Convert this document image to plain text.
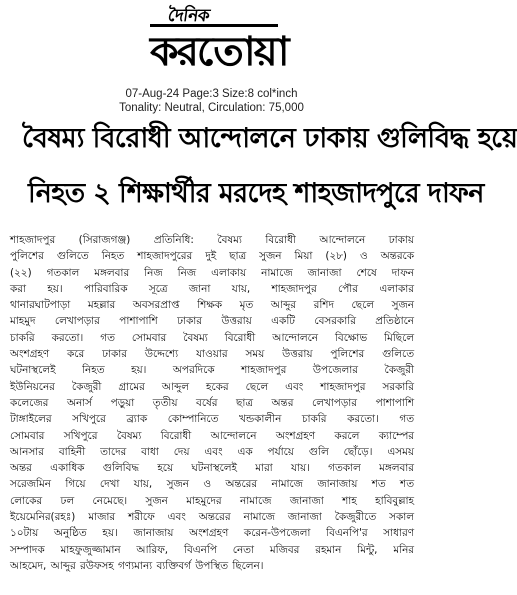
দৈনিক
করতোয়া
07-Aug-24 Page:3 Size:8 col*inch
Tonality: Neutral, Circulation: 75,000
বৈষম্য বিরোধী আন্দোলনে ঢাকায় গুলিবিদ্ধ হয়ে
নিহত ২ শিক্ষার্থীর মরদেহ শাহজাদপুরে দাফন
শাহজাদপুর (সিরাজগঞ্জ) প্রতিনিধি: বৈষম্য বিরোধী আন্দোলনে ঢাকায়
পুলিশের গুলিতে নিহত শাহজাদপুরের দুই ছাত্র সুজন মিয়া (২৮) ও অন্তরকে
(২২) গতকাল মঙ্গলবার নিজ নিজ এলাকায় নামাজে জানাজা শেষে দাফন
করা হয়। পারিবারিক সূত্রে জানা যায়, শাহজাদপুর পৌর এলাকার
থানারঘাটপাড়া মহল্লার অবসরপ্রাপ্ত শিক্ষক মৃত আব্দুর রশিদ ছেলে সুজন
মাহমুদ লেখাপড়ার পাশাপাশি ঢাকার উত্তরায় একটি বেসরকারি প্রতিষ্ঠানে
চাকরি করতো। গত সোমবার বৈষম্য বিরোধী আন্দোলনে বিক্ষোভ মিছিলে
অংশগ্রহণ করে ঢাকার উদ্দেশ্যে যাওয়ার সময় উত্তরায় পুলিশের গুলিতে
ঘটনাস্থলেই নিহত হয়। অপরদিকে শাহজাদপুর উপজেলার কৈজুরী
ইউনিয়নের কৈজুরী গ্রামের আব্দুল হকের ছেলে এবং শাহজাদপুর সরকারি
কলেজের অনার্স পড়ুয়া তৃতীয় বর্ষের ছাত্র অন্তর লেখাপড়ার পাশাপাশি
টাঙ্গাইলের সখিপুরে ব্র্যাক কোম্পানিতে খন্ডকালীন চাকরি করতো। গত
সোমবার সখিপুরে বৈষম্য বিরোধী আন্দোলনে অংশগ্রহণ করলে ক্যাম্পের
আনসার বাহিনী তাদের বাধা দেয় এবং এক পর্যায়ে গুলি ছোঁড়ে। এসময়
অন্তর একাধিক গুলিবিদ্ধ হয়ে ঘটনাস্থলেই মারা যায়। গতকাল মঙ্গলবার
সরেজমিন গিয়ে দেখা যায়, সুজন ও অন্তরের নামাজে জানাজায় শত শত
লোকের ঢল নেমেছে। সুজন মাহমুদের নামাজে জানাজা শাহ হাবিবুল্লাহ
ইয়েমেনির(রহঃ) মাজার শরীফে এবং অন্তরের নামাজে জানাজা কৈজুরীতে সকাল
১০টায় অনুষ্ঠিত হয়। জানাজায় অংশগ্রহণ করেন-উপজেলা বিএনপি'র সাধারণ
সম্পাদক মাহফুজুজ্জামান আরিফ, বিএনপি নেতা মজিবর রহমান মিন্টু, মনির
আহমেদ, আব্দুর রউফসহ গণ্যমান্য ব্যক্তিবর্গ উপস্থিত ছিলেন।
